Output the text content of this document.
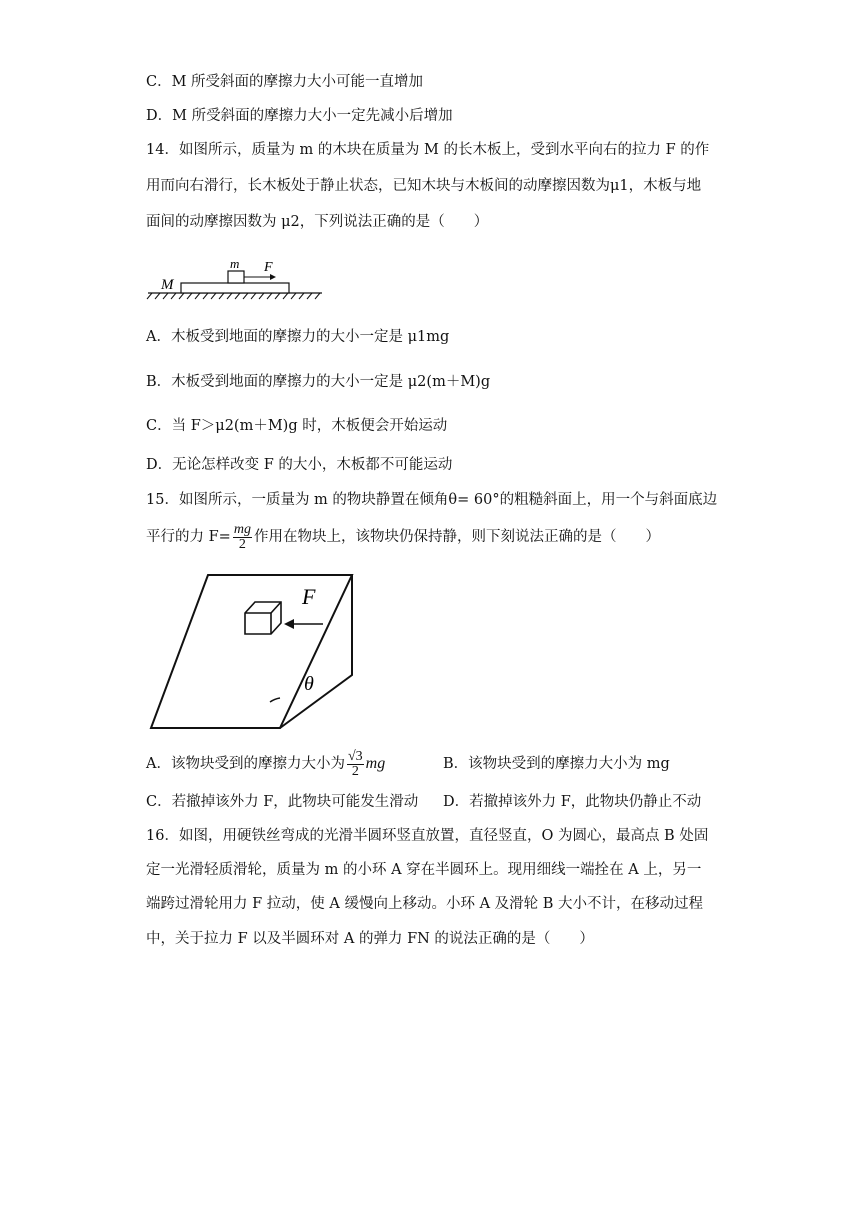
C．M 所受斜面的摩擦力大小可能一直增加
D．M 所受斜面的摩擦力大小一定先减小后增加
14．如图所示，质量为 m 的木块在质量为 M 的长木板上，受到水平向右的拉力 F 的作
用而向右滑行，长木板处于静止状态，已知木块与木板间的动摩擦因数为μ1，木板与地
面间的动摩擦因数为 μ2，下列说法正确的是（　　）
m F
M
A．木板受到地面的摩擦力的大小一定是 μ1mg
B．木板受到地面的摩擦力的大小一定是 μ2(m＋M)g
C．当 F＞μ2(m＋M)g 时，木板便会开始运动
D．无论怎样改变 F 的大小，木板都不可能运动
15．如图所示，一质量为 m 的物块静置在倾角θ= 60°的粗糙斜面上，用一个与斜面底边
平行的力 $F= \frac{mg}{2}$ 作用在物块上，该物块仍保持静，则下刻说法正确的是（　　）
F
θ
A．该物块受到的摩擦力大小为 $\frac{√3}{2}$ mg	B．该物块受到的摩擦力大小为 mg
C．若撤掉该外力 F，此物块可能发生滑动 D．若撤掉该外力 F，此物块仍静止不动
16．如图，用硬铁丝弯成的光滑半圆环竖直放置，直径竖直，O 为圆心，最高点 B 处固
定一光滑轻质滑轮，质量为 m 的小环 A 穿在半圆环上。现用细线一端拴在 A 上，另一
端跨过滑轮用力 F 拉动，使 A 缓慢向上移动。小环 A 及滑轮 B 大小不计，在移动过程
中，关于拉力 F 以及半圆环对 A 的弹力 FN 的说法正确的是（　　）
